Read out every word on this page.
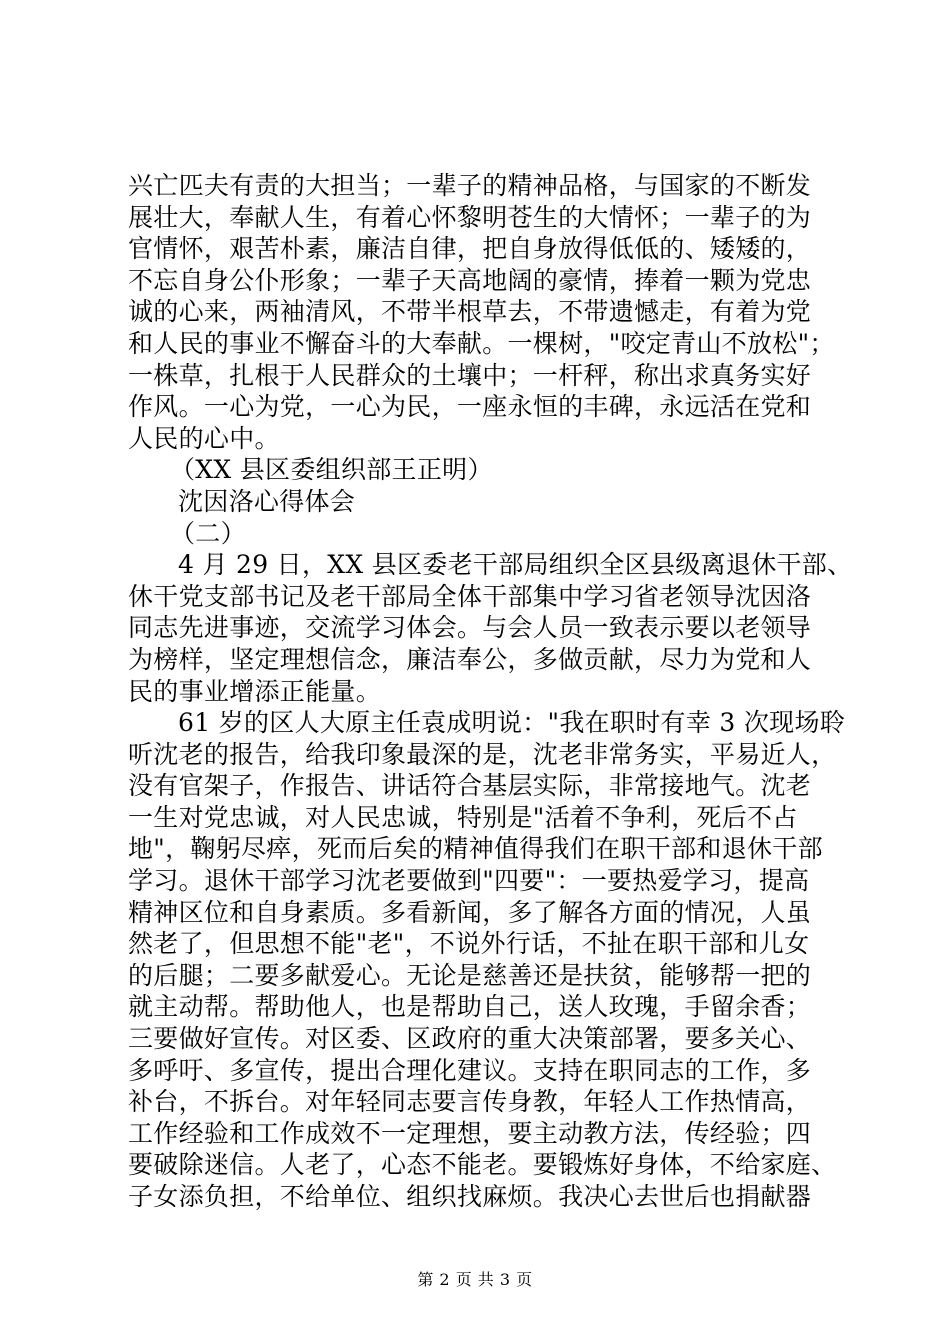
兴亡匹夫有责的大担当；一辈子的精神品格，与国家的不断发
展壮大，奉献人生，有着心怀黎明苍生的大情怀；一辈子的为
官情怀，艰苦朴素，廉洁自律，把自身放得低低的、矮矮的，
不忘自身公仆形象；一辈子天高地阔的豪情，捧着一颗为党忠
诚的心来，两袖清风，不带半根草去，不带遗憾走，有着为党
和人民的事业不懈奋斗的大奉献。一棵树，"咬定青山不放松"；
一株草，扎根于人民群众的土壤中；一杆秤，称出求真务实好
作风。一心为党，一心为民，一座永恒的丰碑，永远活在党和
人民的心中。
（XX 县区委组织部王正明）
沈因洛心得体会
（二）
4 月 29 日，XX 县区委老干部局组织全区县级离退休干部、
休干党支部书记及老干部局全体干部集中学习省老领导沈因洛
同志先进事迹，交流学习体会。与会人员一致表示要以老领导
为榜样，坚定理想信念，廉洁奉公，多做贡献，尽力为党和人
民的事业增添正能量。
61 岁的区人大原主任袁成明说："我在职时有幸 3 次现场聆
听沈老的报告，给我印象最深的是，沈老非常务实，平易近人，
没有官架子，作报告、讲话符合基层实际，非常接地气。沈老
一生对党忠诚，对人民忠诚，特别是"活着不争利，死后不占
地"，鞠躬尽瘁，死而后矣的精神值得我们在职干部和退休干部
学习。退休干部学习沈老要做到"四要"：一要热爱学习，提高
精神区位和自身素质。多看新闻，多了解各方面的情况，人虽
然老了，但思想不能"老"，不说外行话，不扯在职干部和儿女
的后腿；二要多献爱心。无论是慈善还是扶贫，能够帮一把的
就主动帮。帮助他人，也是帮助自己，送人玫瑰，手留余香；
三要做好宣传。对区委、区政府的重大决策部署，要多关心、
多呼吁、多宣传，提出合理化建议。支持在职同志的工作，多
补台，不拆台。对年轻同志要言传身教，年轻人工作热情高，
工作经验和工作成效不一定理想，要主动教方法，传经验；四
要破除迷信。人老了，心态不能老。要锻炼好身体，不给家庭、
子女添负担，不给单位、组织找麻烦。我决心去世后也捐献器
第 2 页 共 3 页
